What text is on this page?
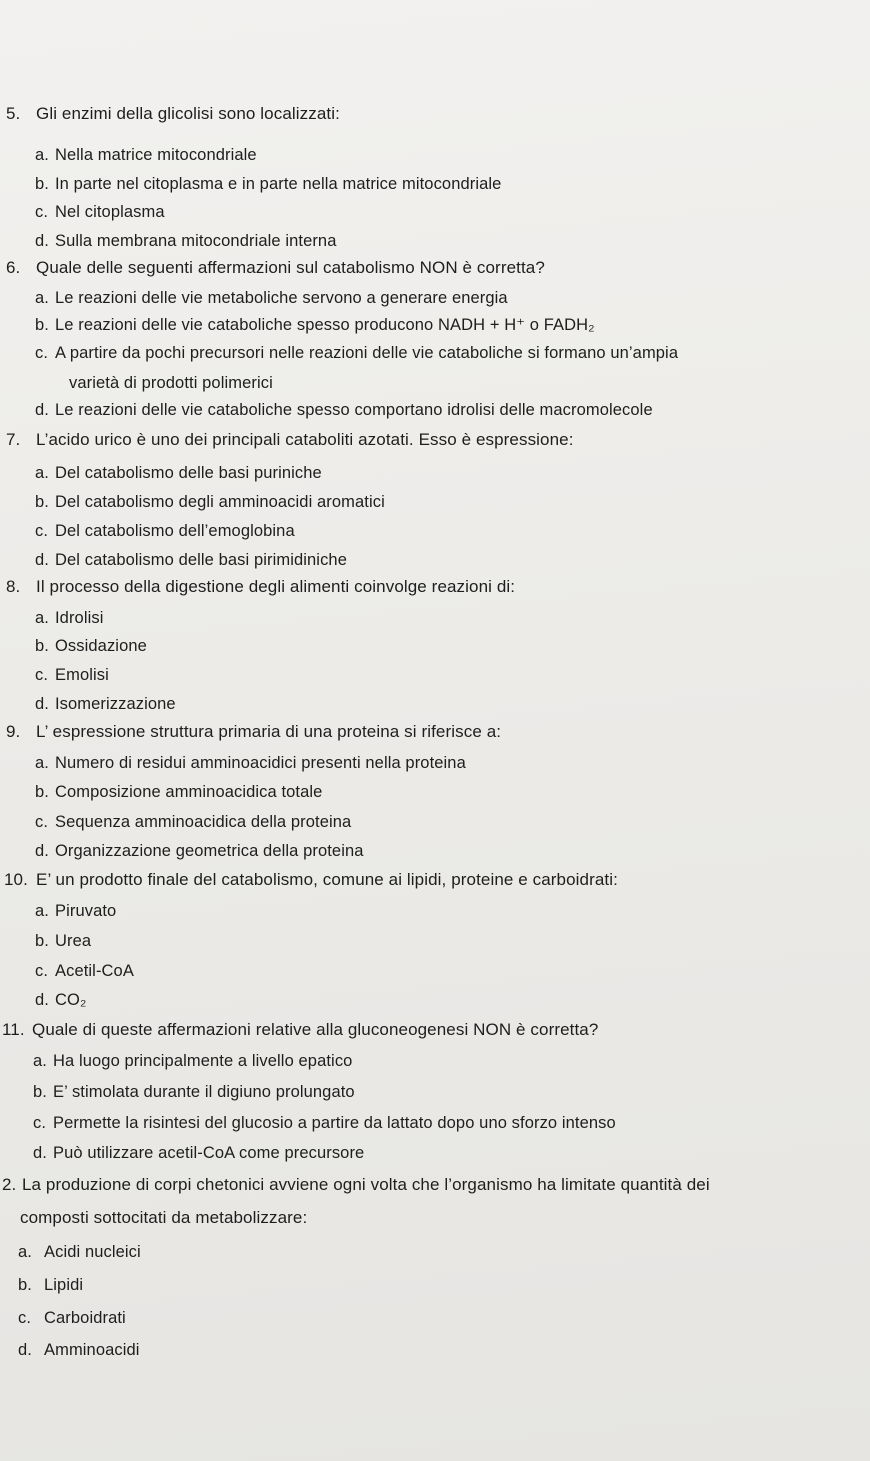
5. Gli enzimi della glicolisi sono localizzati:
a. Nella matrice mitocondriale
b. In parte nel citoplasma e in parte nella matrice mitocondriale
c. Nel citoplasma
d. Sulla membrana mitocondriale interna
6. Quale delle seguenti affermazioni sul catabolismo NON è corretta?
a. Le reazioni delle vie metaboliche servono a generare energia
b. Le reazioni delle vie cataboliche spesso producono NADH + H⁺ o FADH₂
c. A partire da pochi precursori nelle reazioni delle vie cataboliche si formano un’ampia
varietà di prodotti polimerici
d. Le reazioni delle vie cataboliche spesso comportano idrolisi delle macromolecole
7. L’acido urico è uno dei principali cataboliti azotati. Esso è espressione:
a. Del catabolismo delle basi puriniche
b. Del catabolismo degli amminoacidi aromatici
c. Del catabolismo dell’emoglobina
d. Del catabolismo delle basi pirimidiniche
8. Il processo della digestione degli alimenti coinvolge reazioni di:
a. Idrolisi
b. Ossidazione
c. Emolisi
d. Isomerizzazione
9. L’ espressione struttura primaria di una proteina si riferisce a:
a. Numero di residui amminoacidici presenti nella proteina
b. Composizione amminoacidica totale
c. Sequenza amminoacidica della proteina
d. Organizzazione geometrica della proteina
10. E’ un prodotto finale del catabolismo, comune ai lipidi, proteine e carboidrati:
a. Piruvato
b. Urea
c. Acetil-CoA
d. CO₂
11. Quale di queste affermazioni relative alla gluconeogenesi NON è corretta?
a. Ha luogo principalmente a livello epatico
b. E’ stimolata durante il digiuno prolungato
c. Permette la risintesi del glucosio a partire da lattato dopo uno sforzo intenso
d. Può utilizzare acetil-CoA come precursore
2. La produzione di corpi chetonici avviene ogni volta che l’organismo ha limitate quantità dei
composti sottocitati da metabolizzare:
a. Acidi nucleici
b. Lipidi
c. Carboidrati
d. Amminoacidi
